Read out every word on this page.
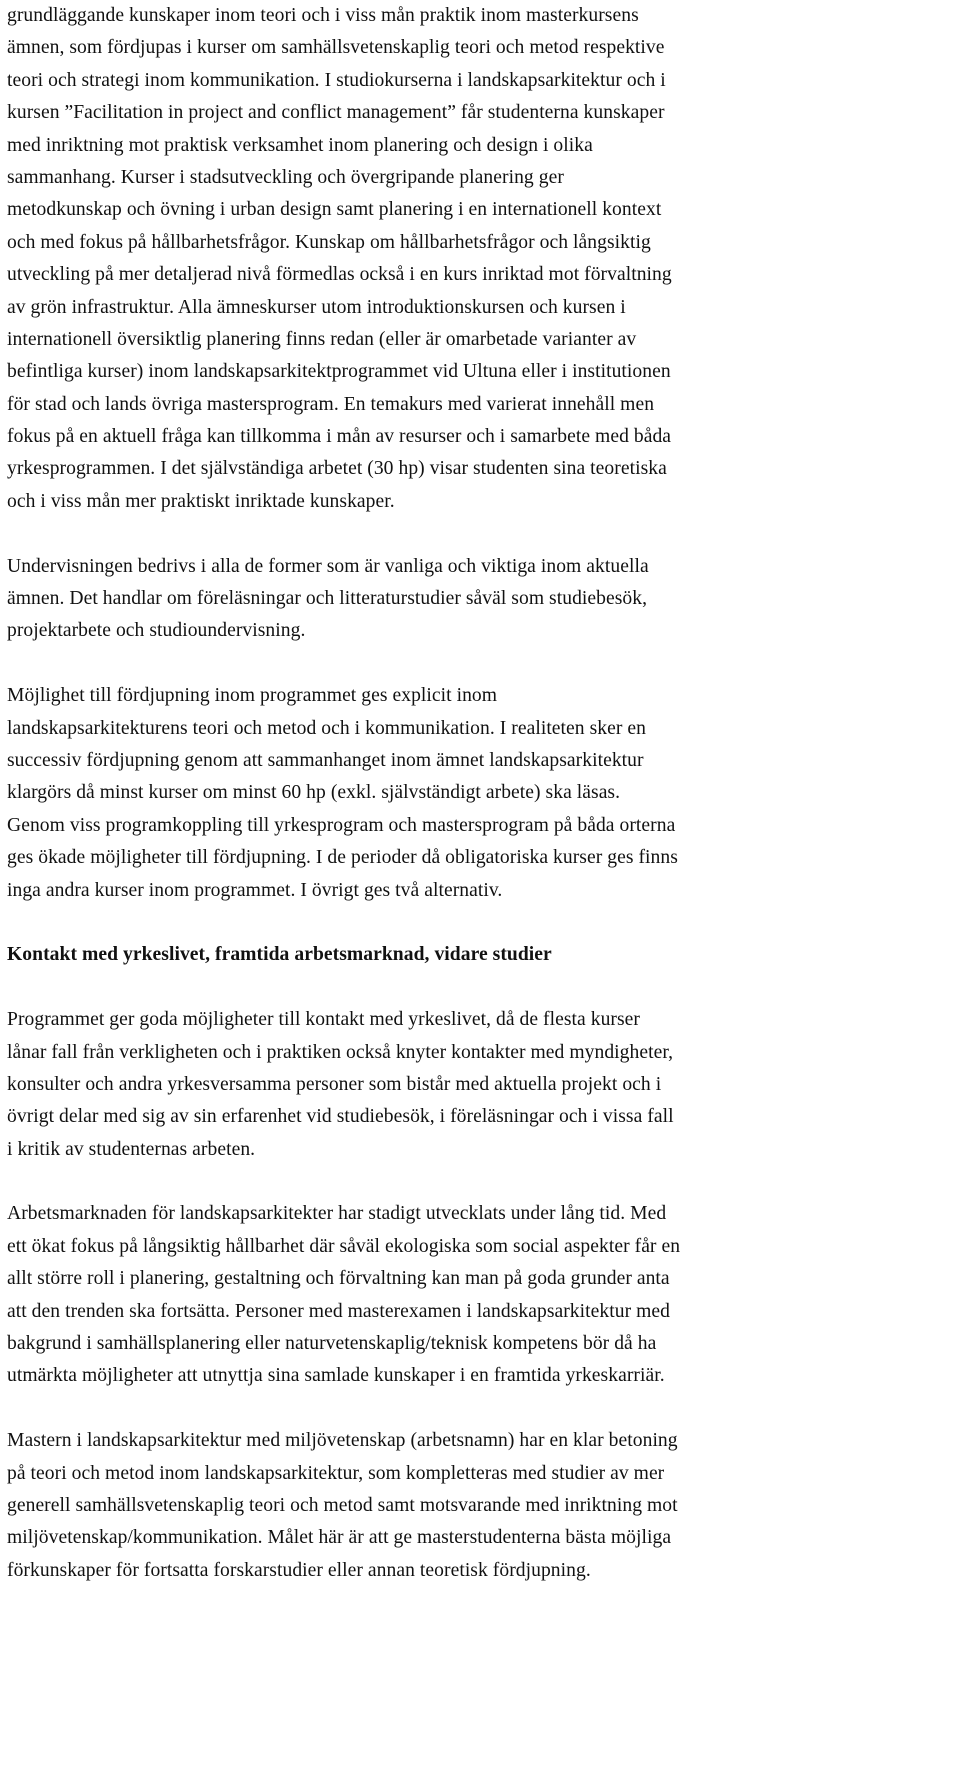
grundläggande kunskaper inom teori och i viss mån praktik inom masterkursens
ämnen, som fördjupas i kurser om samhällsvetenskaplig teori och metod respektive
teori och strategi inom kommunikation. I studiokurserna i landskapsarkitektur och i
kursen ”Facilitation in project and conflict management” får studenterna kunskaper
med inriktning mot praktisk verksamhet inom planering och design i olika
sammanhang. Kurser i stadsutveckling och övergripande planering ger
metodkunskap och övning i urban design samt planering i en internationell kontext
och med fokus på hållbarhetsfrågor. Kunskap om hållbarhetsfrågor och långsiktig
utveckling på mer detaljerad nivå förmedlas också i en kurs inriktad mot förvaltning
av grön infrastruktur. Alla ämneskurser utom introduktionskursen och kursen i
internationell översiktlig planering finns redan (eller är omarbetade varianter av
befintliga kurser) inom landskapsarkitektprogrammet vid Ultuna eller i institutionen
för stad och lands övriga mastersprogram. En temakurs med varierat innehåll men
fokus på en aktuell fråga kan tillkomma i mån av resurser och i samarbete med båda
yrkesprogrammen. I det självständiga arbetet (30 hp) visar studenten sina teoretiska
och i viss mån mer praktiskt inriktade kunskaper.

Undervisningen bedrivs i alla de former som är vanliga och viktiga inom aktuella
ämnen. Det handlar om föreläsningar och litteraturstudier såväl som studiebesök,
projektarbete och studioundervisning.

Möjlighet till fördjupning inom programmet ges explicit inom
landskapsarkitekturens teori och metod och i kommunikation. I realiteten sker en
successiv fördjupning genom att sammanhanget inom ämnet landskapsarkitektur
klargörs då minst kurser om minst 60 hp (exkl. självständigt arbete) ska läsas.
Genom viss programkoppling till yrkesprogram och mastersprogram på båda orterna
ges ökade möjligheter till fördjupning. I de perioder då obligatoriska kurser ges finns
inga andra kurser inom programmet. I övrigt ges två alternativ.

Kontakt med yrkeslivet, framtida arbetsmarknad, vidare studier

Programmet ger goda möjligheter till kontakt med yrkeslivet, då de flesta kurser
lånar fall från verkligheten och i praktiken också knyter kontakter med myndigheter,
konsulter och andra yrkesversamma personer som bistår med aktuella projekt och i
övrigt delar med sig av sin erfarenhet vid studiebesök, i föreläsningar och i vissa fall
i kritik av studenternas arbeten.

Arbetsmarknaden för landskapsarkitekter har stadigt utvecklats under lång tid. Med
ett ökat fokus på långsiktig hållbarhet där såväl ekologiska som social aspekter får en
allt större roll i planering, gestaltning och förvaltning kan man på goda grunder anta
att den trenden ska fortsätta. Personer med masterexamen i landskapsarkitektur med
bakgrund i samhällsplanering eller naturvetenskaplig/teknisk kompetens bör då ha
utmärkta möjligheter att utnyttja sina samlade kunskaper i en framtida yrkeskarriär.

Mastern i landskapsarkitektur med miljövetenskap (arbetsnamn) har en klar betoning
på teori och metod inom landskapsarkitektur, som kompletteras med studier av mer
generell samhällsvetenskaplig teori och metod samt motsvarande med inriktning mot
miljövetenskap/kommunikation. Målet här är att ge masterstudenterna bästa möjliga
förkunskaper för fortsatta forskarstudier eller annan teoretisk fördjupning.
